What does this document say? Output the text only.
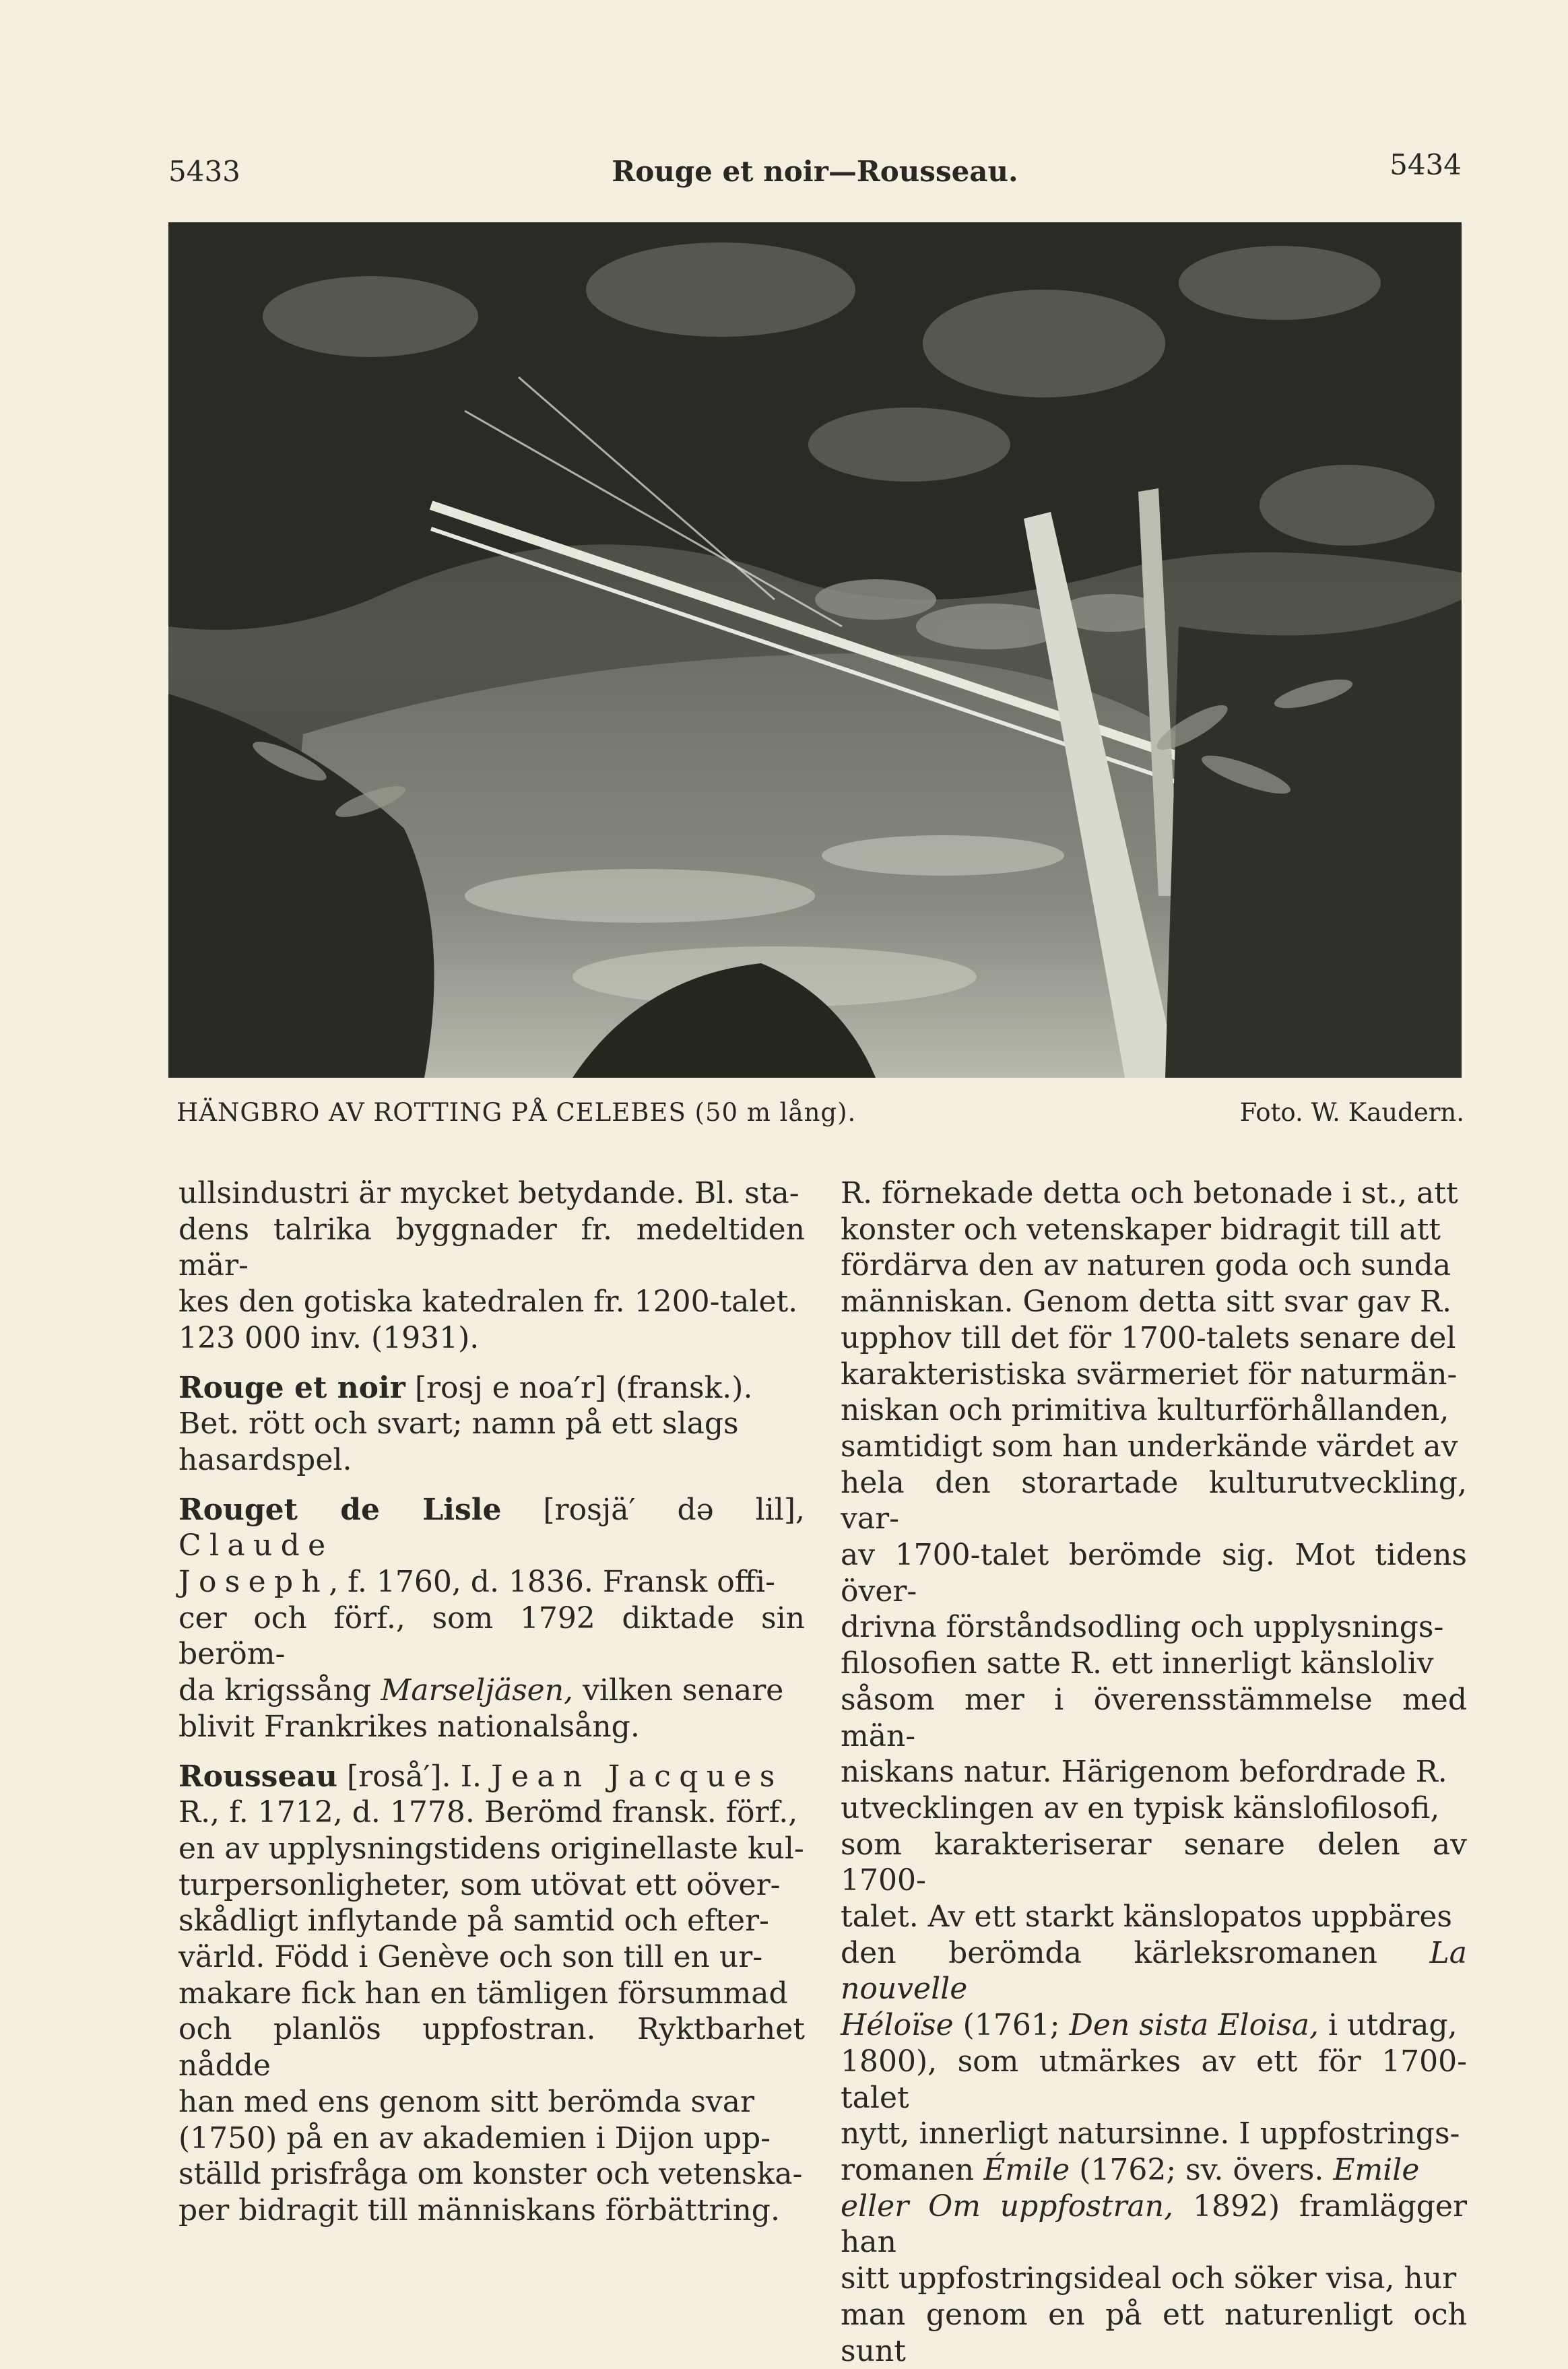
5433	Rouge et noir—Rousseau.	5434
HÄNGBRO AV ROTTING PÅ CELEBES (50 m lång).	Foto. W. Kaudern.

ullsindustri är mycket betydande. Bl. sta-
dens talrika byggnader fr. medeltiden mär-
kes den gotiska katedralen fr. 1200-talet.
123 000 inv. (1931).

Rouge et noir [rosj e noa′r] (fransk.).
Bet. rött och svart; namn på ett slags
hasardspel.

Rouget de Lisle [rosjä′ də lil], Claude
Joseph, f. 1760, d. 1836. Fransk offi-
cer och förf., som 1792 diktade sin beröm-
da krigssång Marseljäsen, vilken senare
blivit Frankrikes nationalsång.

Rousseau [roså′]. I. Jean Jacques
R., f. 1712, d. 1778. Berömd fransk. förf.,
en av upplysningstidens originellaste kul-
turpersonligheter, som utövat ett oöver-
skådligt inflytande på samtid och efter-
värld. Född i Genève och son till en ur-
makare fick han en tämligen försummad
och planlös uppfostran. Ryktbarhet nådde
han med ens genom sitt berömda svar
(1750) på en av akademien i Dijon upp-
ställd prisfråga om konster och vetenska-
per bidragit till människans förbättring.

R. förnekade detta och betonade i st., att
konster och vetenskaper bidragit till att
fördärva den av naturen goda och sunda
människan. Genom detta sitt svar gav R.
upphov till det för 1700-talets senare del
karakteristiska svärmeriet för naturmän-
niskan och primitiva kulturförhållanden,
samtidigt som han underkände värdet av
hela den storartade kulturutveckling, var-
av 1700-talet berömde sig. Mot tidens över-
drivna förståndsodling och upplysnings-
filosofien satte R. ett innerligt känsloliv
såsom mer i överensstämmelse med män-
niskans natur. Härigenom befordrade R.
utvecklingen av en typisk känslofilosofi,
som karakteriserar senare delen av 1700-
talet. Av ett starkt känslopatos uppbäres
den berömda kärleksromanen La nouvelle
Héloïse (1761; Den sista Eloisa, i utdrag,
1800), som utmärkes av ett för 1700-talet
nytt, innerligt natursinne. I uppfostrings-
romanen Émile (1762; sv. övers. Emile
eller Om uppfostran, 1892) framlägger han
sitt uppfostringsideal och söker visa, hur
man genom en på ett naturenligt och sunt
